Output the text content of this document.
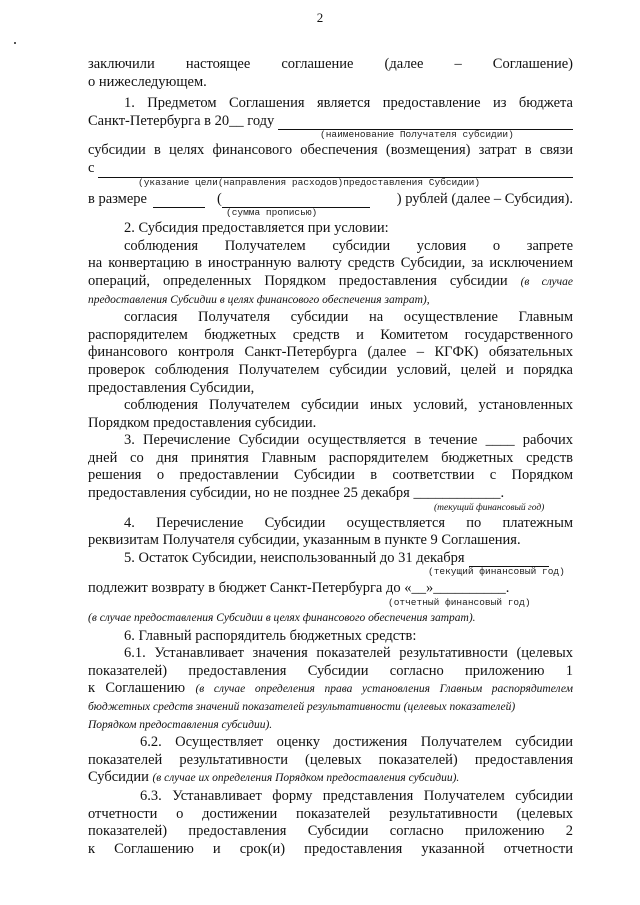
2

заключили настоящее соглашение (далее – Соглашение)

о нижеследующем.

1. Предметом Соглашения является предоставление из бюджета

Санкт-Петербурга в 20__ году
(наименование Получателя субсидии)

субсидии в целях финансового обеспечения (возмещения) затрат в связи

с
(указание цели(направления расходов)предоставления Субсидии)
в размере	(	) рублей (далее – Субсидия).
(сумма прописью)

2. Субсидия предоставляется при условии:

соблюдения Получателем субсидии условия о запрете

на конвертацию в иностранную валюту средств Субсидии, за исключением

операций, определенных Порядком предоставления субсидии (в случае

предоставления Субсидии в целях финансового обеспечения затрат),

согласия Получателя субсидии на осуществление Главным

распорядителем бюджетных средств и Комитетом государственного

финансового контроля Санкт-Петербурга (далее – КГФК) обязательных

проверок соблюдения Получателем субсидии условий, целей и порядка

предоставления Субсидии,

соблюдения Получателем субсидии иных условий, установленных

Порядком предоставления субсидии.

3. Перечисление Субсидии осуществляется в течение ____ рабочих

дней со дня принятия Главным распорядителем бюджетных средств

решения о предоставлении Субсидии в соответствии с Порядком

предоставления субсидии, но не позднее 25 декабря ____________.

(текущий финансовый год)

4. Перечисление Субсидии осуществляется по платежным

реквизитам Получателя субсидии, указанным в пункте 9 Соглашения.

5. Остаток Субсидии, неиспользованный до 31 декабря
(текущий финансовый год)

подлежит возврату в бюджет Санкт-Петербурга до «__»__________.

(отчетный финансовый год)

(в случае предоставления Субсидии в целях финансового обеспечения затрат).

6. Главный распорядитель бюджетных средств:

6.1. Устанавливает значения показателей результативности (целевых

показателей) предоставления Субсидии согласно приложению 1

к Соглашению (в случае определения права установления Главным распорядителем

бюджетных средств значений показателей результативности (целевых показателей)

Порядком предоставления субсидии).

6.2. Осуществляет оценку достижения Получателем субсидии

показателей результативности (целевых показателей) предоставления

Субсидии (в случае их определения Порядком предоставления субсидии).

6.3. Устанавливает форму представления Получателем субсидии

отчетности о достижении показателей результативности (целевых

показателей) предоставления Субсидии согласно приложению 2

к Соглашению и срок(и) предоставления указанной отчетности
